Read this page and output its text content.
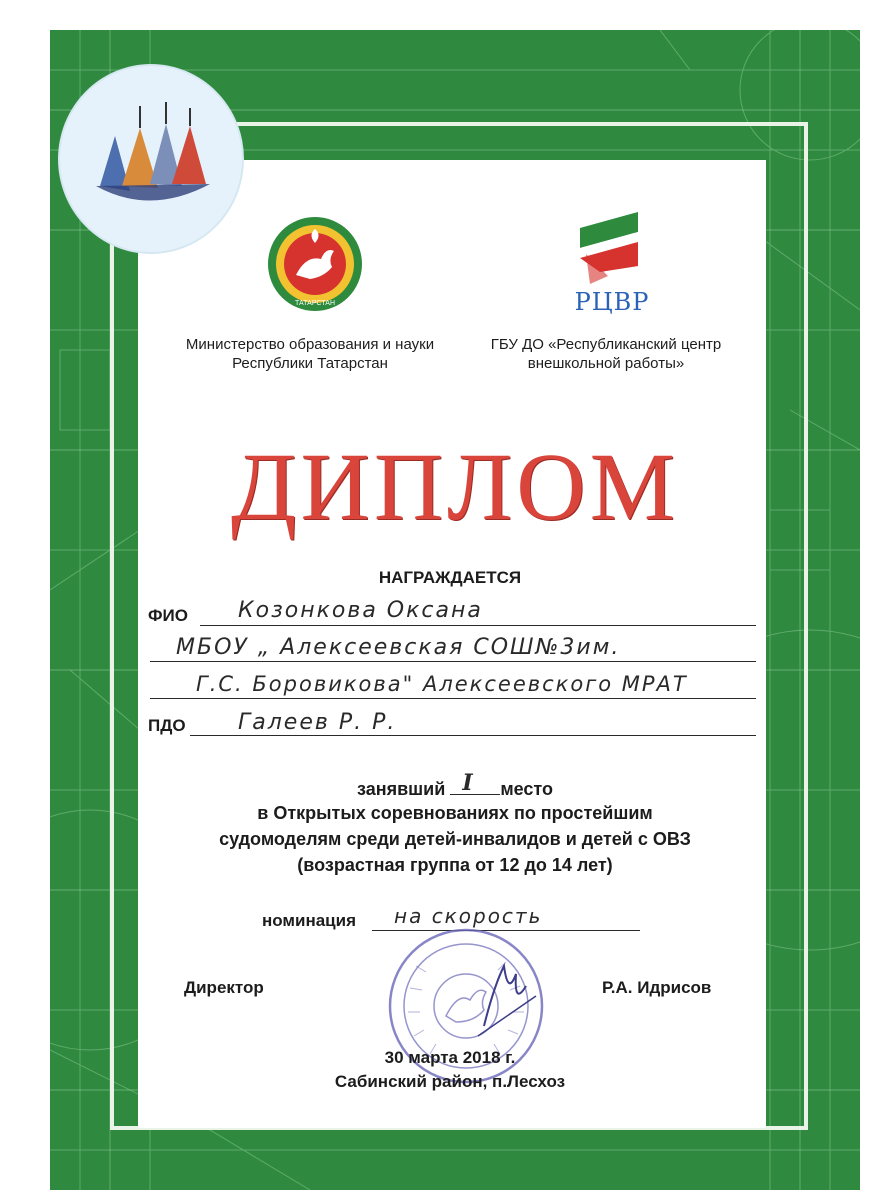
ТАТАРСТАН	РЦВР
Министерство образования и науки
Республики Татарстан
ГБУ ДО «Республиканский центр
внешкольной работы»
ДИПЛОМ
НАГРАЖДАЕТСЯ
ФИО Козонкова Оксана
МБОУ „ Алексеевская СОШ№3им.
Г.С. Боровикова" Алексеевского МРАТ
ПДО Галеев Р. Р.
занявший I место
в Открытых соревнованиях по простейшим
судомоделям среди детей-инвалидов и детей с ОВЗ
(возрастная группа от 12 до 14 лет)
номинация на скорость
Директор	Р.А. Идрисов
30 марта 2018 г.
Сабинский район, п.Лесхоз
